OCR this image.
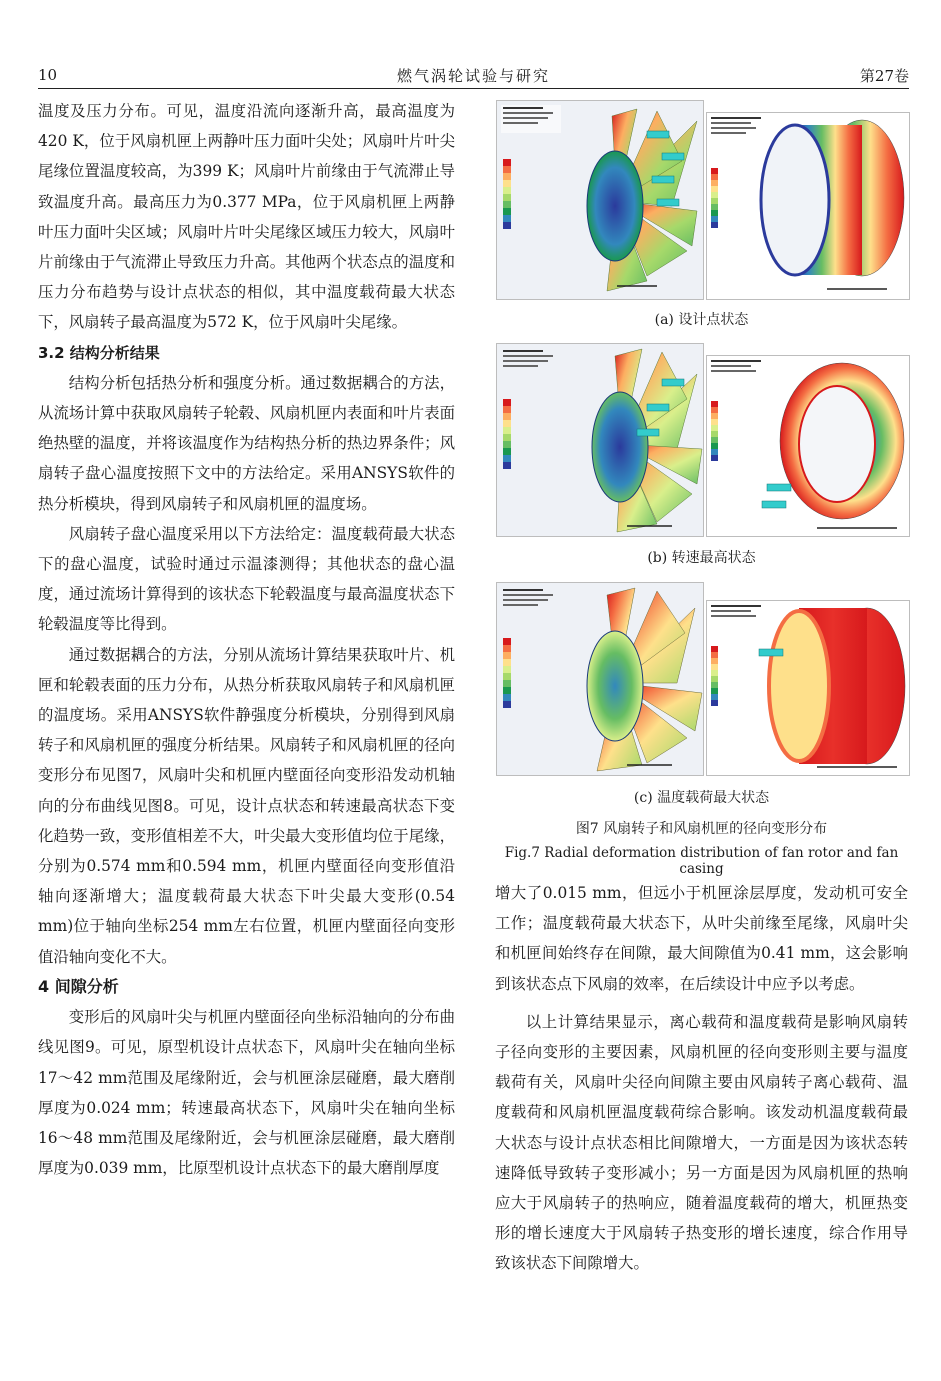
10	燃气涡轮试验与研究	第27卷

温度及压力分布。可见，温度沿流向逐渐升高，最高温度为420 K，位于风扇机匣上两静叶压力面叶尖处；风扇叶片叶尖尾缘位置温度较高，为399 K；风扇叶片前缘由于气流滞止导致温度升高。最高压力为0.377 MPa，位于风扇机匣上两静叶压力面叶尖区域；风扇叶片叶尖尾缘区域压力较大，风扇叶片前缘由于气流滞止导致压力升高。其他两个状态点的温度和压力分布趋势与设计点状态的相似，其中温度载荷最大状态下，风扇转子最高温度为572 K，位于风扇叶尖尾缘。

3.2 结构分析结果

结构分析包括热分析和强度分析。通过数据耦合的方法，从流场计算中获取风扇转子轮毂、风扇机匣内表面和叶片表面绝热壁的温度，并将该温度作为结构热分析的热边界条件；风扇转子盘心温度按照下文中的方法给定。采用ANSYS软件的热分析模块，得到风扇转子和风扇机匣的温度场。

风扇转子盘心温度采用以下方法给定：温度载荷最大状态下的盘心温度，试验时通过示温漆测得；其他状态的盘心温度，通过流场计算得到的该状态下轮毂温度与最高温度状态下轮毂温度等比得到。

通过数据耦合的方法，分别从流场计算结果获取叶片、机匣和轮毂表面的压力分布，从热分析获取风扇转子和风扇机匣的温度场。采用ANSYS软件静强度分析模块，分别得到风扇转子和风扇机匣的强度分析结果。风扇转子和风扇机匣的径向变形分布见图7，风扇叶尖和机匣内壁面径向变形沿发动机轴向的分布曲线见图8。可见，设计点状态和转速最高状态下变化趋势一致，变形值相差不大，叶尖最大变形值均位于尾缘，分别为0.574 mm和0.594 mm，机匣内壁面径向变形值沿轴向逐渐增大；温度载荷最大状态下叶尖最大变形(0.54 mm)位于轴向坐标254 mm左右位置，机匣内壁面径向变形值沿轴向变化不大。

4 间隙分析

变形后的风扇叶尖与机匣内壁面径向坐标沿轴向的分布曲线见图9。可见，原型机设计点状态下，风扇叶尖在轴向坐标17～42 mm范围及尾缘附近，会与机匣涂层碰磨，最大磨削厚度为0.024 mm；转速最高状态下，风扇叶尖在轴向坐标16～48 mm范围及尾缘附近，会与机匣涂层碰磨，最大磨削厚度为0.039 mm，比原型机设计点状态下的最大磨削厚度

(a) 设计点状态
(b) 转速最高状态
(c) 温度载荷最大状态
图7 风扇转子和风扇机匣的径向变形分布
Fig.7 Radial deformation distribution of fan rotor and fan casing

增大了0.015 mm，但远小于机匣涂层厚度，发动机可安全工作；温度载荷最大状态下，从叶尖前缘至尾缘，风扇叶尖和机匣间始终存在间隙，最大间隙值为0.41 mm，这会影响到该状态点下风扇的效率，在后续设计中应予以考虑。

以上计算结果显示，离心载荷和温度载荷是影响风扇转子径向变形的主要因素，风扇机匣的径向变形则主要与温度载荷有关，风扇叶尖径向间隙主要由风扇转子离心载荷、温度载荷和风扇机匣温度载荷综合影响。该发动机温度载荷最大状态与设计点状态相比间隙增大，一方面是因为该状态转速降低导致转子变形减小；另一方面是因为风扇机匣的热响应大于风扇转子的热响应，随着温度载荷的增大，机匣热变形的增长速度大于风扇转子热变形的增长速度，综合作用导致该状态下间隙增大。
